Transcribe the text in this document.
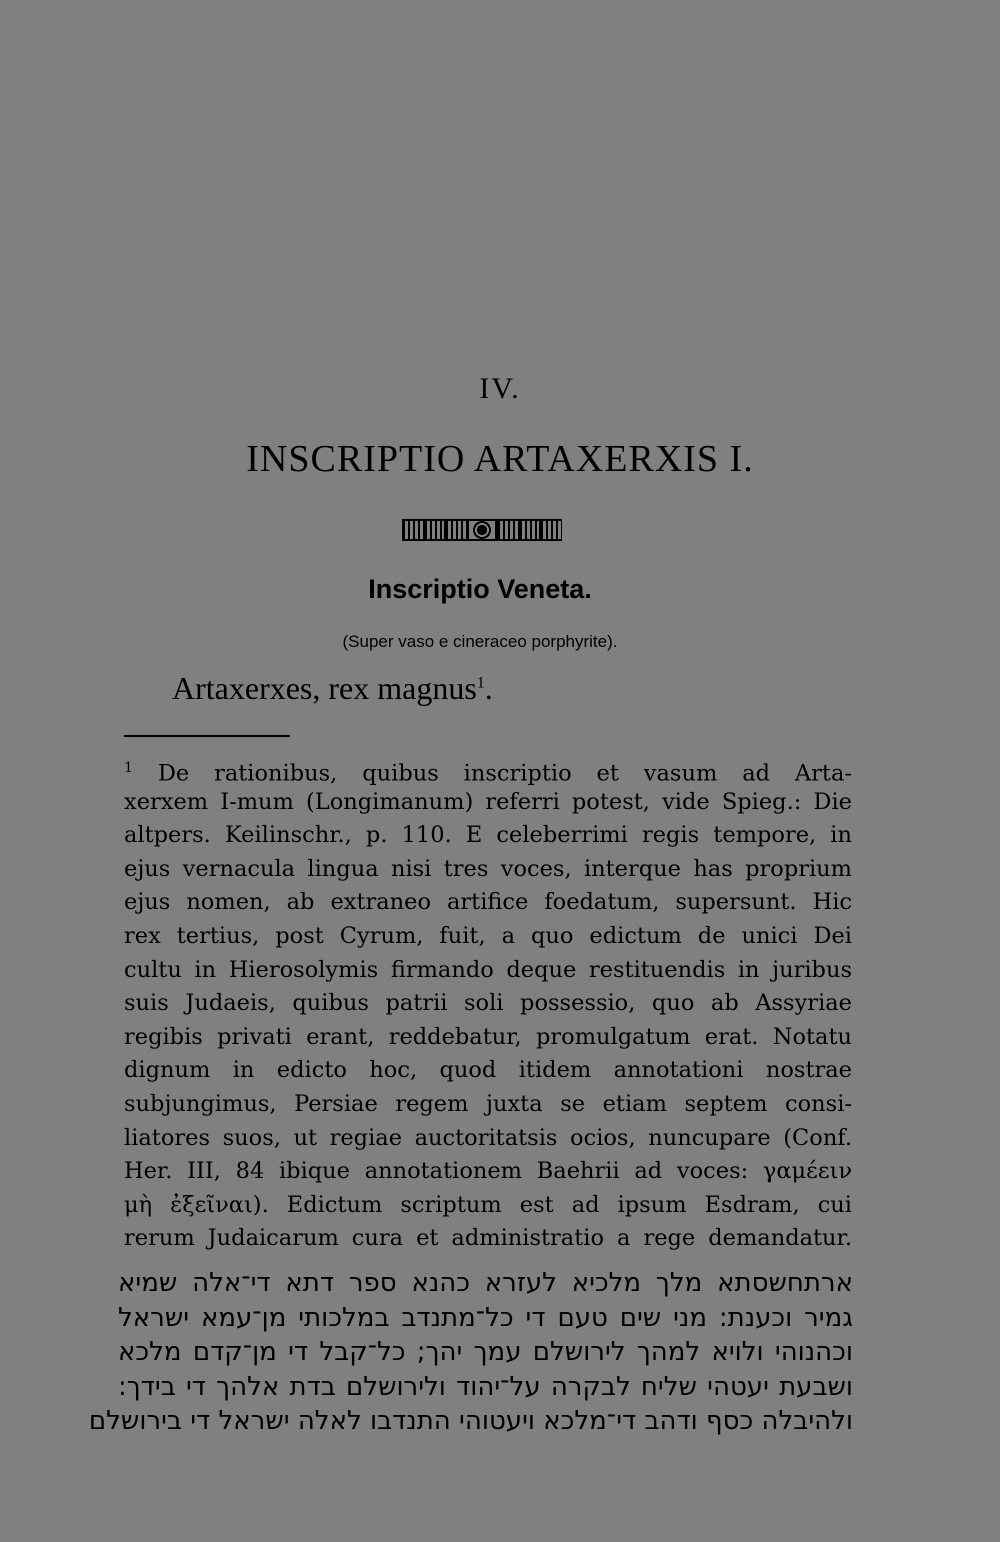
IV.
INSCRIPTIO ARTAXERXIS I.
Inscriptio Veneta.
(Super vaso e cineraceo porphyrite).
Artaxerxes, rex magnus$^1$.
$^1$ De rationibus, quibus inscriptio et vasum ad Arta-
xerxem I-mum (Longimanum) referri potest, vide Spieg.: Die
altpers. Keilinschr., p. 110. E celeberrimi regis tempore, in
ejus vernacula lingua nisi tres voces, interque has proprium
ejus nomen, ab extraneo artifice foedatum, supersunt. Hic
rex tertius, post Cyrum, fuit, a quo edictum de unici Dei
cultu in Hierosolymis firmando deque restituendis in juribus
suis Judaeis, quibus patrii soli possessio, quo ab Assyriae
regibis privati erant, reddebatur, promulgatum erat. Notatu
dignum in edicto hoc, quod itidem annotationi nostrae
subjungimus, Persiae regem juxta se etiam septem consi-
liatores suos, ut regiae auctoritatsis ocios, nuncupare (Conf.
Her. III, 84 ibique annotationem Baehrii ad voces: γαμέειν
μὴ ἐξεῖναι). Edictum scriptum est ad ipsum Esdram, cui
rerum Judaicarum cura et administratio a rege demandatur.
ארתחשסתא מלך מלכיא לעזרא כהנא ספר דתא די־אלה שמיא
גמיר וכענת: מני שים טעם די כל־מתנדב במלכותי מן־עמא ישראל
וכהנוהי ולויא למהך לירושלם עמך יהך; כל־קבל די מן־קדם מלכא
ושבעת יעטהי שליח לבקרה על־יהוד ולירושלם בדת אלהך די בידך:
ולהיבלה כסף ודהב די־מלכא ויעטוהי התנדבו לאלה ישראל די בירושלם
